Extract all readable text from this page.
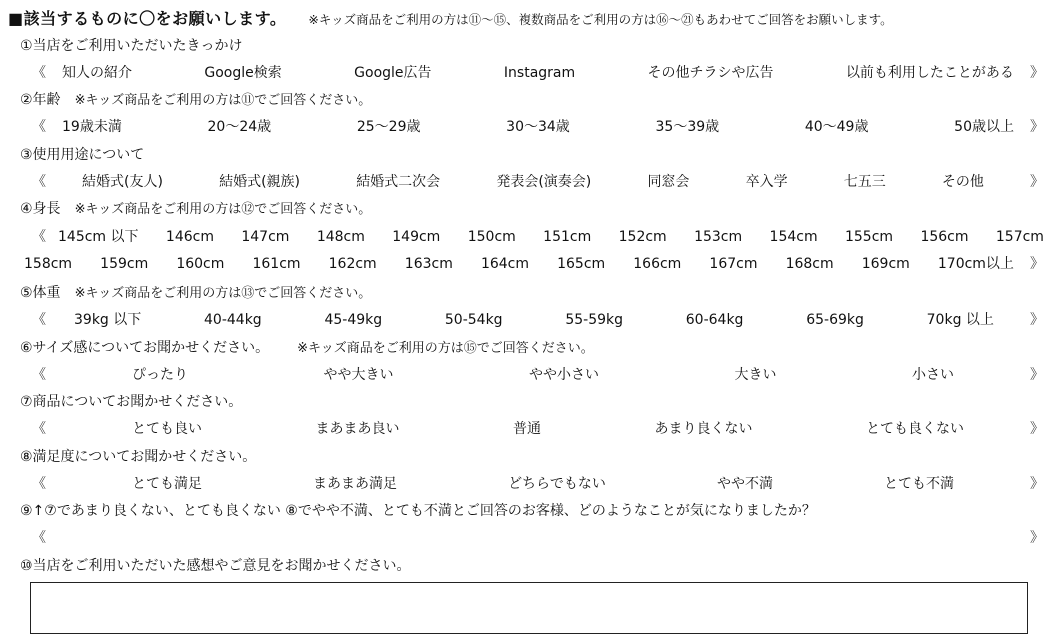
■該当するものに〇をお願いします。 ※キッズ商品をご利用の方は⑪〜⑮、複数商品をご利用の方は⑯〜㉑もあわせてご回答をお願いします。
①当店をご利用いただいたきっかけ
《 知人の紹介	Google検索	Google広告	Instagram	その他チラシや広告	以前も利用したことがある 》
②年齢 ※キッズ商品をご利用の方は⑪でご回答ください。
《 19歳未満	20〜24歳	25〜29歳	30〜34歳	35〜39歳	40〜49歳	50歳以上 》
③使用用途について
《	結婚式(友人)	結婚式(親族)	結婚式二次会	発表会(演奏会)	同窓会	卒入学	七五三	その他	》
④身長 ※キッズ商品をご利用の方は⑫でご回答ください。
《 145cm 以下 146cm 147cm 148cm 149cm 150cm 151cm 152cm 153cm 154cm 155cm 156cm 157cm
158cm 159cm 160cm 161cm 162cm 163cm 164cm 165cm 166cm 167cm 168cm 169cm 170cm以上 》
⑤体重 ※キッズ商品をご利用の方は⑬でご回答ください。
《 39kg 以下	40-44kg	45-49kg	50-54kg	55-59kg	60-64kg	65-69kg	70kg 以上	》
⑥サイズ感についてお聞かせください。 ※キッズ商品をご利用の方は⑮でご回答ください。
《	ぴったり	やや大きい	やや小さい	大きい	小さい	》
⑦商品についてお聞かせください。
《	とても良い	まあまあ良い	普通	あまり良くない	とても良くない	》
⑧満足度についてお聞かせください。
《	とても満足	まあまあ満足	どちらでもない	やや不満	とても不満	》
⑨↑⑦であまり良くない、とても良くない ⑧でやや不満、とても不満とご回答のお客様、どのようなことが気になりましたか？
《	》
⑩当店をご利用いただいた感想やご意見をお聞かせください。
